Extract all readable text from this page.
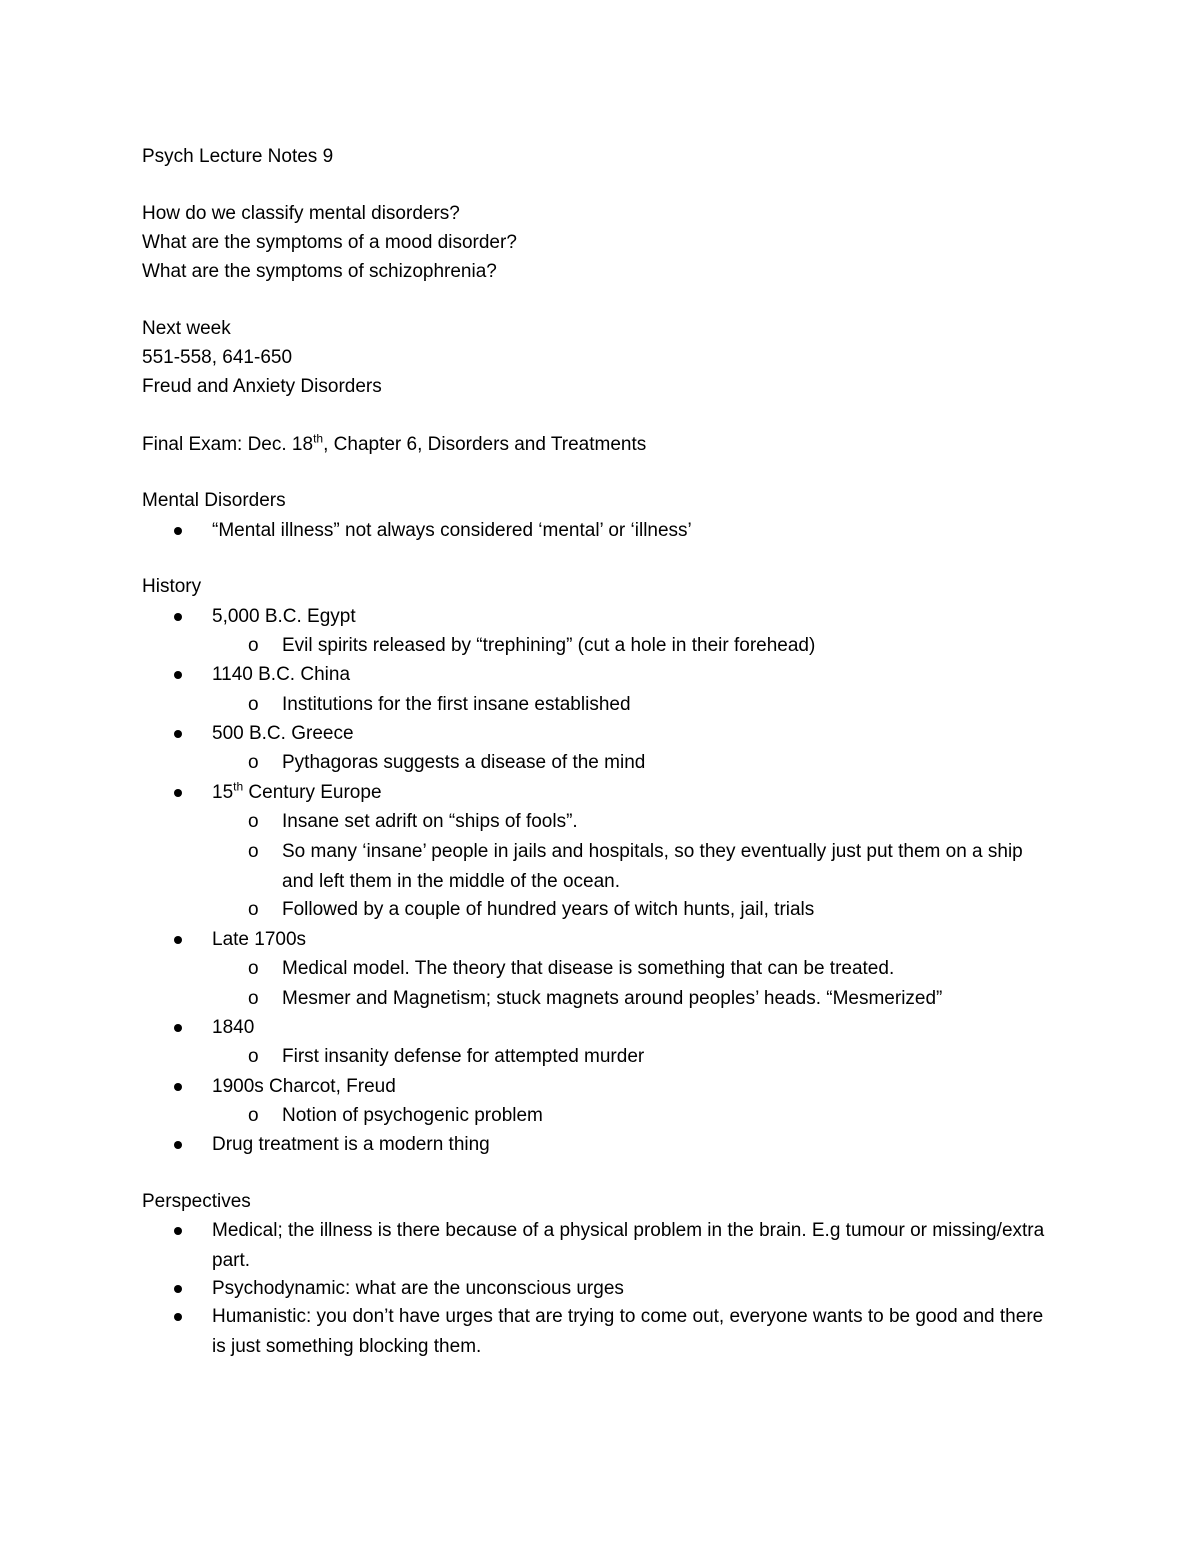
Psych Lecture Notes 9
How do we classify mental disorders?
What are the symptoms of a mood disorder?
What are the symptoms of schizophrenia?
Next week
551-558, 641-650
Freud and Anxiety Disorders
Final Exam: Dec. 18th, Chapter 6, Disorders and Treatments
Mental Disorders
“Mental illness” not always considered ‘mental’ or ‘illness’
History
5,000 B.C. Egypt
o Evil spirits released by “trephining” (cut a hole in their forehead)
1140 B.C. China
o Institutions for the first insane established
500 B.C. Greece
o Pythagoras suggests a disease of the mind
15th Century Europe
o Insane set adrift on “ships of fools”.
o So many ‘insane’ people in jails and hospitals, so they eventually just put them on a ship and left them in the middle of the ocean.
o Followed by a couple of hundred years of witch hunts, jail, trials
Late 1700s
o Medical model. The theory that disease is something that can be treated.
o Mesmer and Magnetism; stuck magnets around peoples’ heads. “Mesmerized”
1840
o First insanity defense for attempted murder
1900s Charcot, Freud
o Notion of psychogenic problem
Drug treatment is a modern thing
Perspectives
Medical; the illness is there because of a physical problem in the brain. E.g tumour or missing/extra part.
Psychodynamic: what are the unconscious urges
Humanistic: you don’t have urges that are trying to come out, everyone wants to be good and there is just something blocking them.
